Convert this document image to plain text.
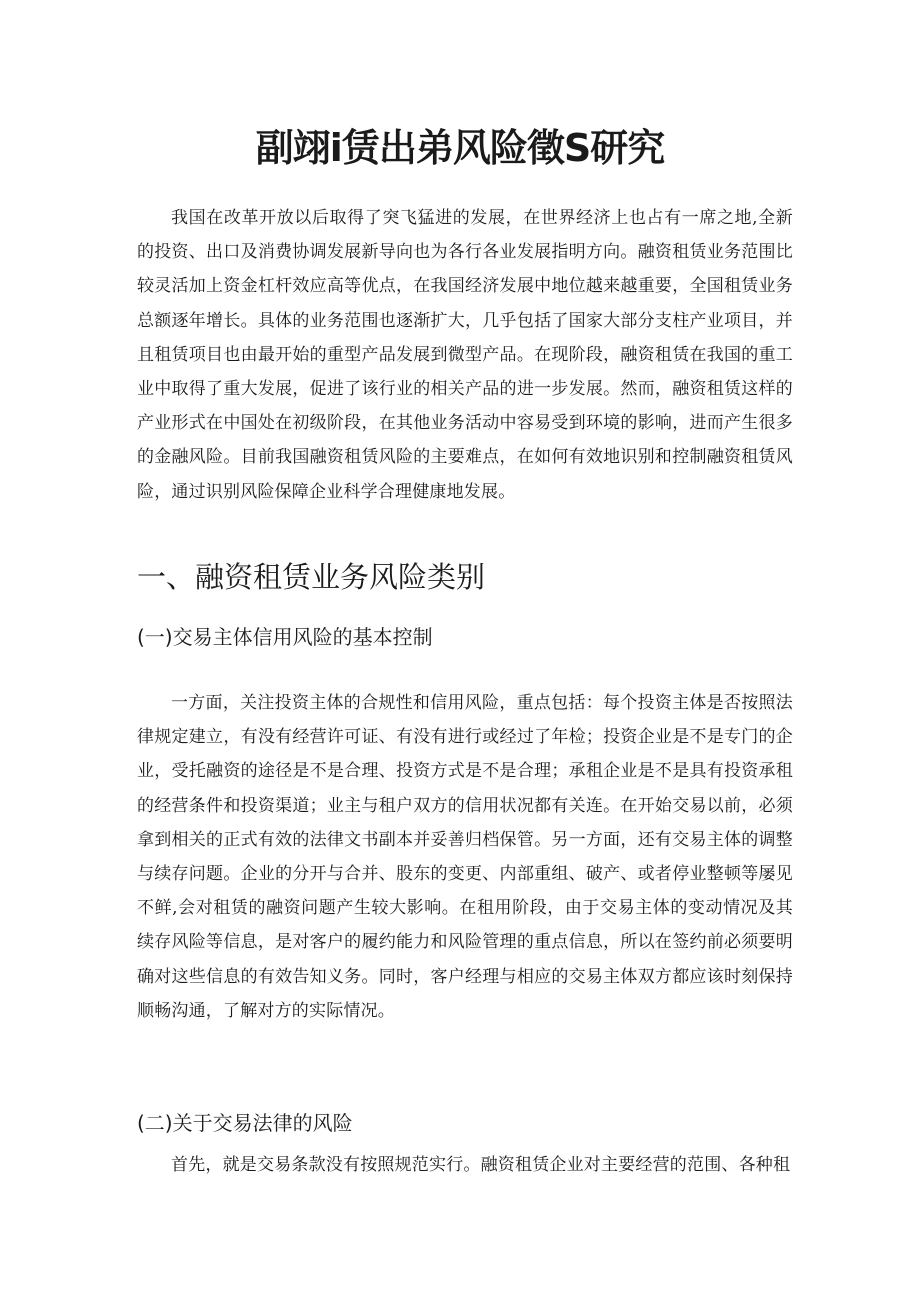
副翊i赁出弟风险徵S研究

我国在改革开放以后取得了突飞猛进的发展，在世界经济上也占有一席之地,全新的投资、出口及消费协调发展新导向也为各行各业发展指明方向。融资租赁业务范围比较灵活加上资金杠杆效应高等优点，在我国经济发展中地位越来越重要，全国租赁业务总额逐年增长。具体的业务范围也逐渐扩大，几乎包括了国家大部分支柱产业项目，并且租赁项目也由最开始的重型产品发展到微型产品。在现阶段，融资租赁在我国的重工业中取得了重大发展，促进了该行业的相关产品的进一步发展。然而，融资租赁这样的产业形式在中国处在初级阶段，在其他业务活动中容易受到环境的影响，进而产生很多的金融风险。目前我国融资租赁风险的主要难点，在如何有效地识别和控制融资租赁风险，通过识别风险保障企业科学合理健康地发展。

一、融资租赁业务风险类别
(一)交易主体信用风险的基本控制

一方面，关注投资主体的合规性和信用风险，重点包括：每个投资主体是否按照法律规定建立，有没有经营许可证、有没有进行或经过了年检；投资企业是不是专门的企业，受托融资的途径是不是合理、投资方式是不是合理；承租企业是不是具有投资承租的经营条件和投资渠道；业主与租户双方的信用状况都有关连。在开始交易以前，必须拿到相关的正式有效的法律文书副本并妥善归档保管。另一方面，还有交易主体的调整与续存问题。企业的分开与合并、股东的变更、内部重组、破产、或者停业整顿等屡见不鲜,会对租赁的融资问题产生较大影响。在租用阶段，由于交易主体的变动情况及其续存风险等信息，是对客户的履约能力和风险管理的重点信息，所以在签约前必须要明确对这些信息的有效告知义务。同时，客户经理与相应的交易主体双方都应该时刻保持顺畅沟通，了解对方的实际情况。

(二)关于交易法律的风险

首先，就是交易条款没有按照规范实行。融资租赁企业对主要经营的范围、各种租
